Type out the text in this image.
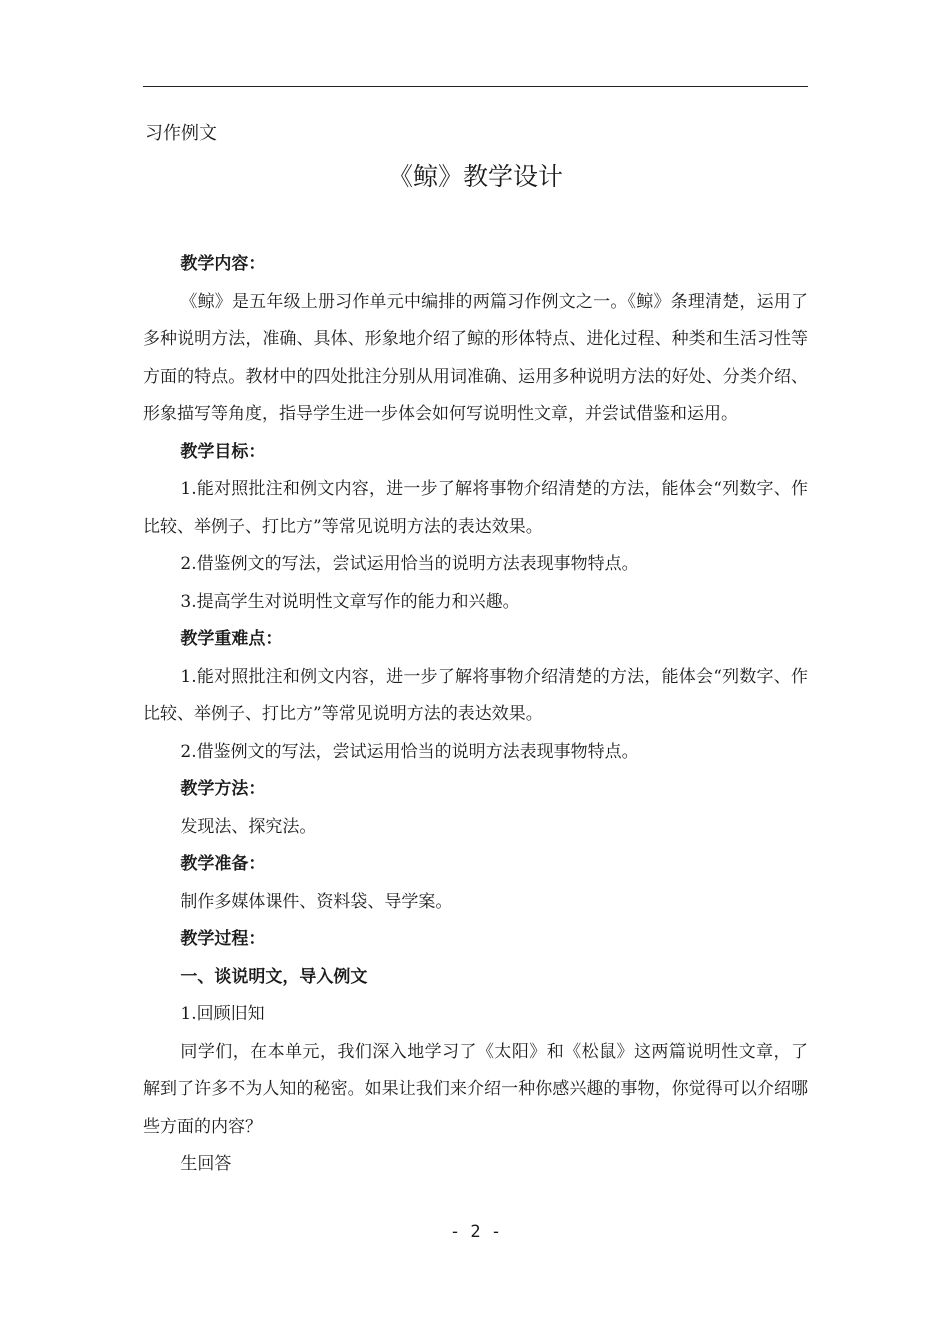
习作例文

《鲸》教学设计

教学内容：

《鲸》是五年级上册习作单元中编排的两篇习作例文之一。《鲸》条理清楚，运用了多种说明方法，准确、具体、形象地介绍了鲸的形体特点、进化过程、种类和生活习性等方面的特点。教材中的四处批注分别从用词准确、运用多种说明方法的好处、分类介绍、形象描写等角度，指导学生进一步体会如何写说明性文章，并尝试借鉴和运用。

教学目标：

1.能对照批注和例文内容，进一步了解将事物介绍清楚的方法，能体会“列数字、作比较、举例子、打比方”等常见说明方法的表达效果。

2.借鉴例文的写法，尝试运用恰当的说明方法表现事物特点。

3.提高学生对说明性文章写作的能力和兴趣。

教学重难点：

1.能对照批注和例文内容，进一步了解将事物介绍清楚的方法，能体会“列数字、作比较、举例子、打比方”等常见说明方法的表达效果。

2.借鉴例文的写法，尝试运用恰当的说明方法表现事物特点。

教学方法：

发现法、探究法。

教学准备：

制作多媒体课件、资料袋、导学案。

教学过程：

一、谈说明文，导入例文

1.回顾旧知

同学们，在本单元，我们深入地学习了《太阳》和《松鼠》这两篇说明性文章，了解到了许多不为人知的秘密。如果让我们来介绍一种你感兴趣的事物，你觉得可以介绍哪些方面的内容？

生回答

- 2 -
